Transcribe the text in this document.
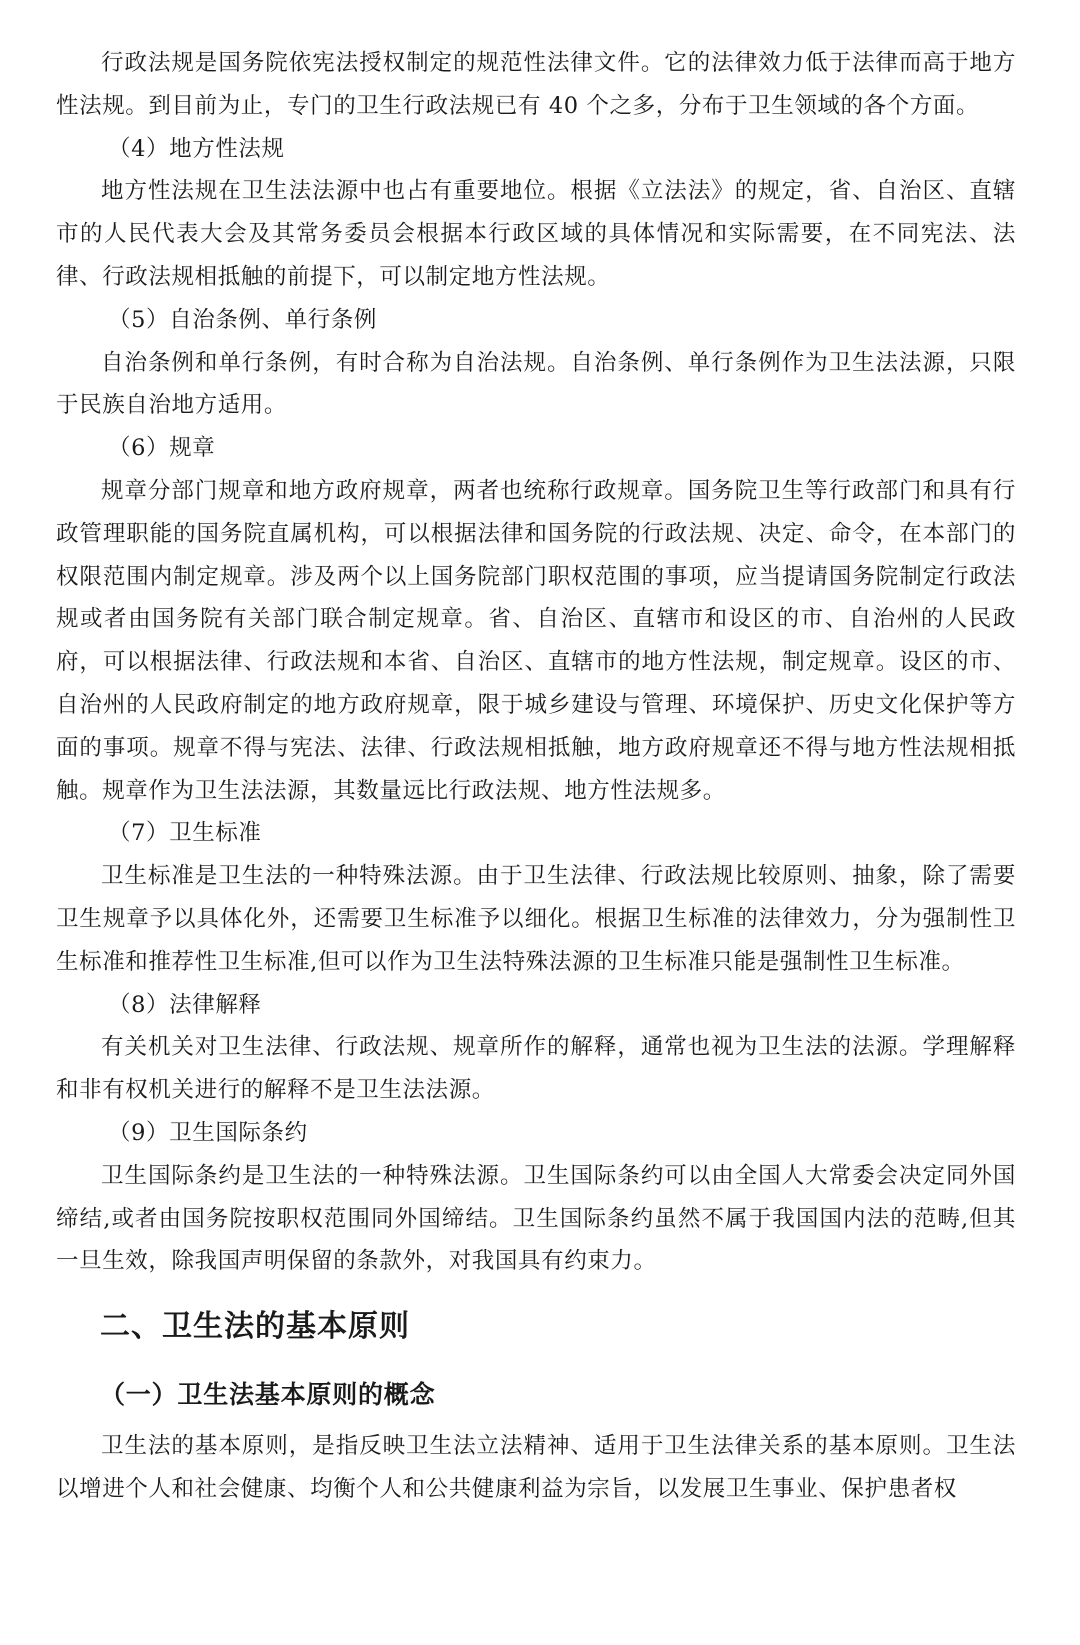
行政法规是国务院依宪法授权制定的规范性法律文件。它的法律效力低于法律而高于地方性法规。到目前为止，专门的卫生行政法规已有 40 个之多，分布于卫生领域的各个方面。

（4）地方性法规

地方性法规在卫生法法源中也占有重要地位。根据《立法法》的规定，省、自治区、直辖市的人民代表大会及其常务委员会根据本行政区域的具体情况和实际需要，在不同宪法、法律、行政法规相抵触的前提下，可以制定地方性法规。

（5）自治条例、单行条例

自治条例和单行条例，有时合称为自治法规。自治条例、单行条例作为卫生法法源，只限于民族自治地方适用。

（6）规章

规章分部门规章和地方政府规章，两者也统称行政规章。国务院卫生等行政部门和具有行政管理职能的国务院直属机构，可以根据法律和国务院的行政法规、决定、命令，在本部门的权限范围内制定规章。涉及两个以上国务院部门职权范围的事项，应当提请国务院制定行政法规或者由国务院有关部门联合制定规章。省、自治区、直辖市和设区的市、自治州的人民政府，可以根据法律、行政法规和本省、自治区、直辖市的地方性法规，制定规章。设区的市、自治州的人民政府制定的地方政府规章，限于城乡建设与管理、环境保护、历史文化保护等方面的事项。规章不得与宪法、法律、行政法规相抵触，地方政府规章还不得与地方性法规相抵触。规章作为卫生法法源，其数量远比行政法规、地方性法规多。

（7）卫生标准

卫生标准是卫生法的一种特殊法源。由于卫生法律、行政法规比较原则、抽象，除了需要卫生规章予以具体化外，还需要卫生标准予以细化。根据卫生标准的法律效力，分为强制性卫生标准和推荐性卫生标准,但可以作为卫生法特殊法源的卫生标准只能是强制性卫生标准。

（8）法律解释

有关机关对卫生法律、行政法规、规章所作的解释，通常也视为卫生法的法源。学理解释和非有权机关进行的解释不是卫生法法源。

（9）卫生国际条约

卫生国际条约是卫生法的一种特殊法源。卫生国际条约可以由全国人大常委会决定同外国缔结,或者由国务院按职权范围同外国缔结。卫生国际条约虽然不属于我国国内法的范畴,但其一旦生效，除我国声明保留的条款外，对我国具有约束力。

二、卫生法的基本原则
（一）卫生法基本原则的概念

卫生法的基本原则，是指反映卫生法立法精神、适用于卫生法律关系的基本原则。卫生法以增进个人和社会健康、均衡个人和公共健康利益为宗旨，以发展卫生事业、保护患者权
